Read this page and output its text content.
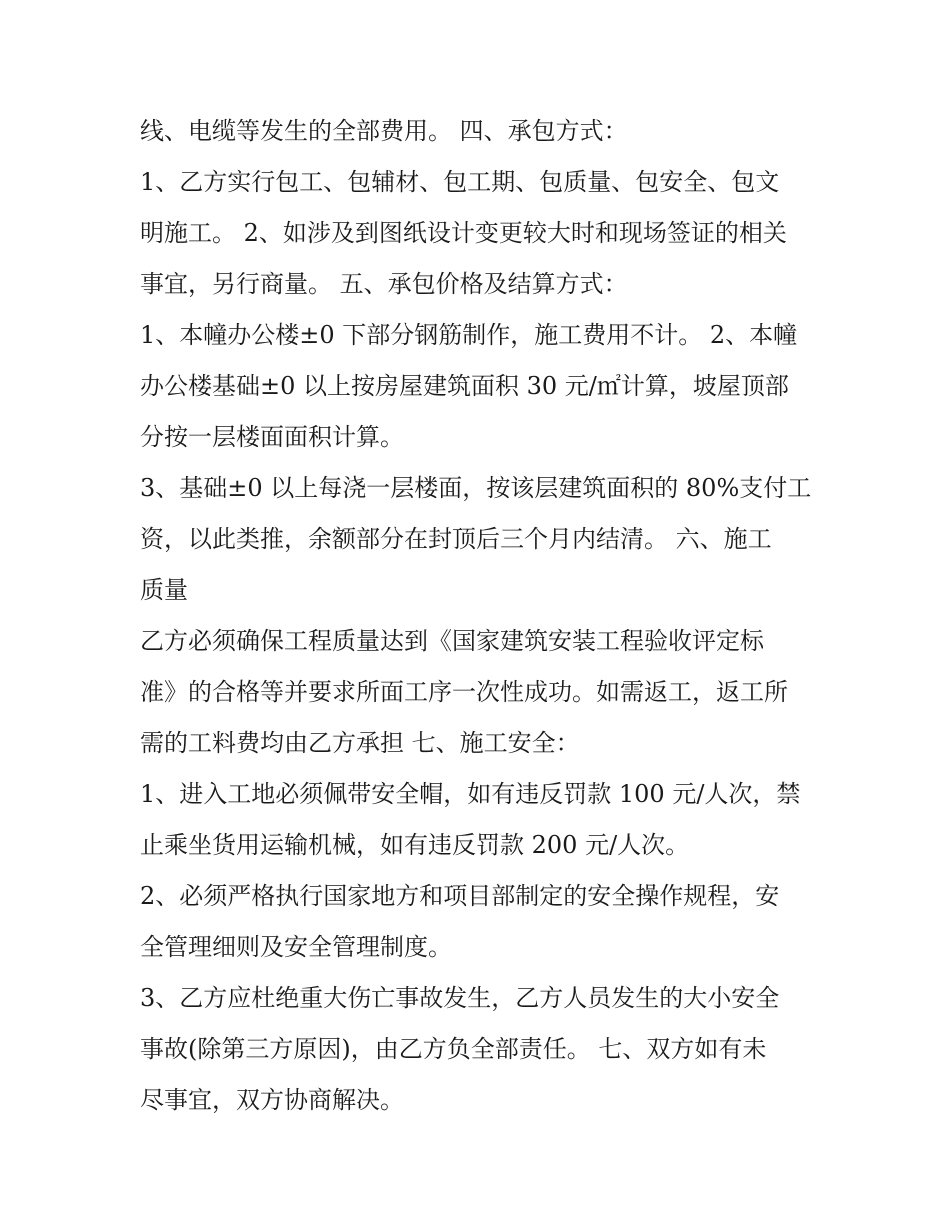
线、电缆等发生的全部费用。 四、承包方式：
1、乙方实行包工、包辅材、包工期、包质量、包安全、包文
明施工。 2、如涉及到图纸设计变更较大时和现场签证的相关
事宜，另行商量。 五、承包价格及结算方式：
1、本幢办公楼±0 下部分钢筋制作，施工费用不计。 2、本幢
办公楼基础±0 以上按房屋建筑面积 30 元/㎡计算，坡屋顶部
分按一层楼面面积计算。
3、基础±0 以上每浇一层楼面，按该层建筑面积的 80%支付工
资，以此类推，余额部分在封顶后三个月内结清。 六、施工
质量
乙方必须确保工程质量达到《国家建筑安装工程验收评定标
准》的合格等并要求所面工序一次性成功。如需返工，返工所
需的工料费均由乙方承担 七、施工安全：
1、进入工地必须佩带安全帽，如有违反罚款 100 元/人次，禁
止乘坐货用运输机械，如有违反罚款 200 元/人次。
2、必须严格执行国家地方和项目部制定的安全操作规程，安
全管理细则及安全管理制度。
3、乙方应杜绝重大伤亡事故发生，乙方人员发生的大小安全
事故(除第三方原因)，由乙方负全部责任。 七、双方如有未
尽事宜，双方协商解决。
